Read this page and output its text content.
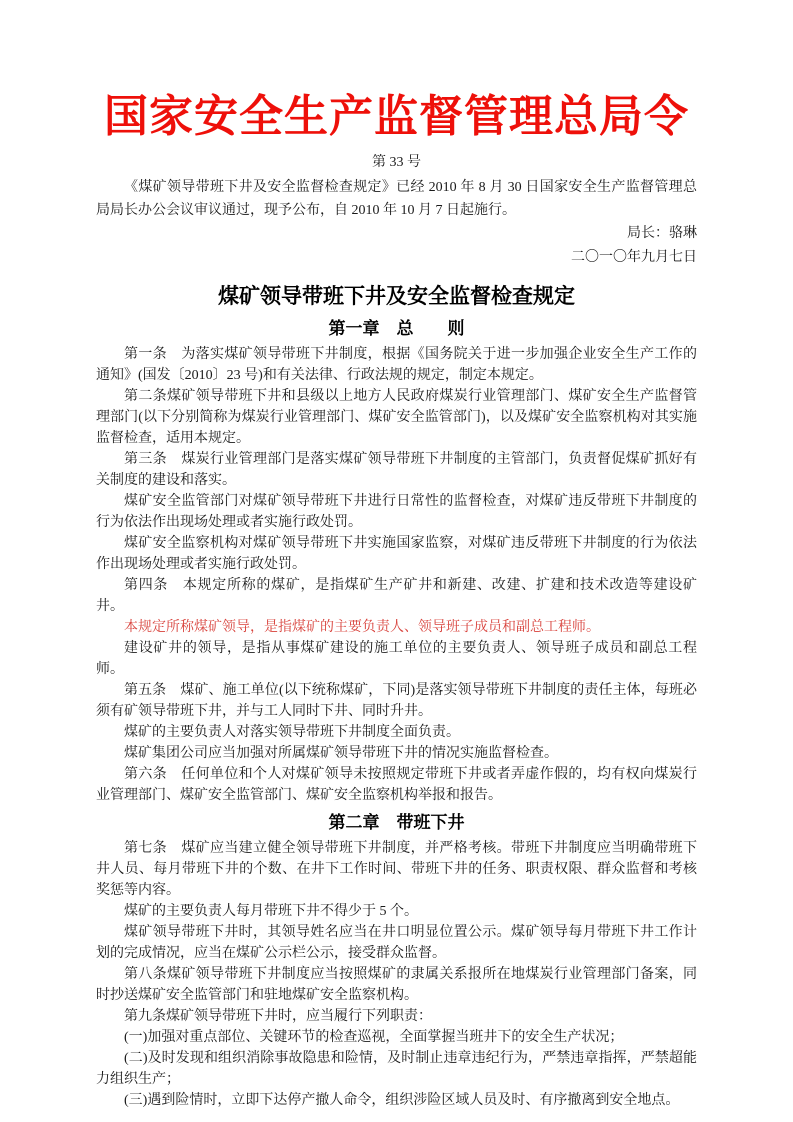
国家安全生产监督管理总局令

第 33 号

《煤矿领导带班下井及安全监督检查规定》已经 2010 年 8 月 30 日国家安全生产监督管理总局局长办公会议审议通过，现予公布，自 2010 年 10 月 7 日起施行。

局长：骆琳

二〇一〇年九月七日

煤矿领导带班下井及安全监督检查规定

第一章　总　　则

第一条　为落实煤矿领导带班下井制度，根据《国务院关于进一步加强企业安全生产工作的通知》(国发〔2010〕23 号)和有关法律、行政法规的规定，制定本规定。

第二条煤矿领导带班下井和县级以上地方人民政府煤炭行业管理部门、煤矿安全生产监督管理部门(以下分别简称为煤炭行业管理部门、煤矿安全监管部门)，以及煤矿安全监察机构对其实施监督检查，适用本规定。

第三条　煤炭行业管理部门是落实煤矿领导带班下井制度的主管部门，负责督促煤矿抓好有关制度的建设和落实。

煤矿安全监管部门对煤矿领导带班下井进行日常性的监督检查，对煤矿违反带班下井制度的行为依法作出现场处理或者实施行政处罚。

煤矿安全监察机构对煤矿领导带班下井实施国家监察，对煤矿违反带班下井制度的行为依法作出现场处理或者实施行政处罚。

第四条　本规定所称的煤矿，是指煤矿生产矿井和新建、改建、扩建和技术改造等建设矿井。

本规定所称煤矿领导，是指煤矿的主要负责人、领导班子成员和副总工程师。

建设矿井的领导，是指从事煤矿建设的施工单位的主要负责人、领导班子成员和副总工程师。

第五条　煤矿、施工单位(以下统称煤矿，下同)是落实领导带班下井制度的责任主体，每班必须有矿领导带班下井，并与工人同时下井、同时升井。

煤矿的主要负责人对落实领导带班下井制度全面负责。

煤矿集团公司应当加强对所属煤矿领导带班下井的情况实施监督检查。

第六条　任何单位和个人对煤矿领导未按照规定带班下井或者弄虚作假的，均有权向煤炭行业管理部门、煤矿安全监管部门、煤矿安全监察机构举报和报告。

第二章　带班下井

第七条　煤矿应当建立健全领导带班下井制度，并严格考核。带班下井制度应当明确带班下井人员、每月带班下井的个数、在井下工作时间、带班下井的任务、职责权限、群众监督和考核奖惩等内容。

煤矿的主要负责人每月带班下井不得少于 5 个。

煤矿领导带班下井时，其领导姓名应当在井口明显位置公示。煤矿领导每月带班下井工作计划的完成情况，应当在煤矿公示栏公示，接受群众监督。

第八条煤矿领导带班下井制度应当按照煤矿的隶属关系报所在地煤炭行业管理部门备案，同时抄送煤矿安全监管部门和驻地煤矿安全监察机构。

第九条煤矿领导带班下井时，应当履行下列职责：

(一)加强对重点部位、关键环节的检查巡视，全面掌握当班井下的安全生产状况；

(二)及时发现和组织消除事故隐患和险情，及时制止违章违纪行为，严禁违章指挥，严禁超能力组织生产；

(三)遇到险情时，立即下达停产撤人命令，组织涉险区域人员及时、有序撤离到安全地点。
